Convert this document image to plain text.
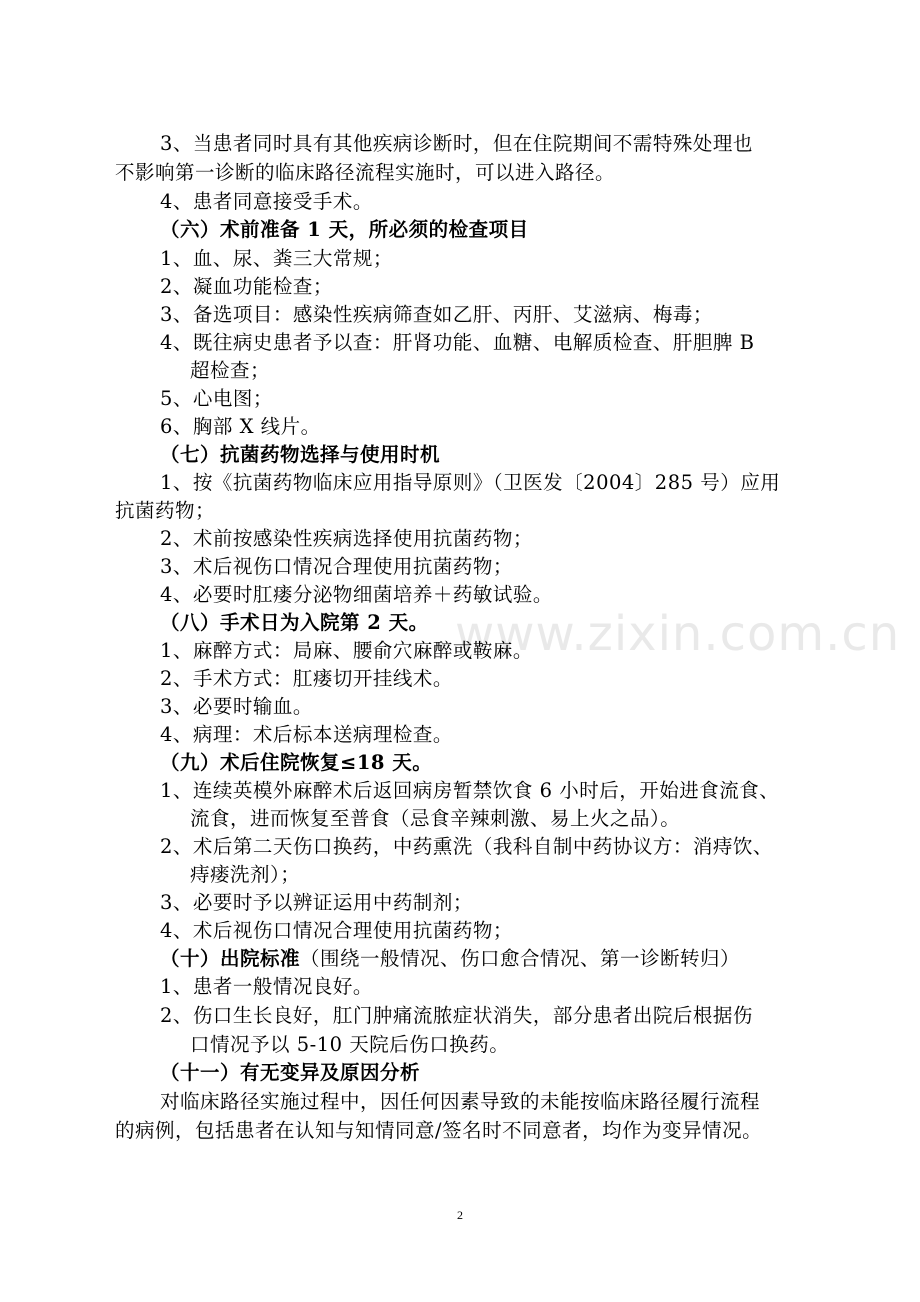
www.zixin.com.cn
3、当患者同时具有其他疾病诊断时，但在住院期间不需特殊处理也
不影响第一诊断的临床路径流程实施时，可以进入路径。
4、患者同意接受手术。
（六）术前准备 1 天，所必须的检查项目
1、血、尿、粪三大常规；
2、凝血功能检查；
3、备选项目：感染性疾病筛查如乙肝、丙肝、艾滋病、梅毒；
4、既往病史患者予以查：肝肾功能、血糖、电解质检查、肝胆脾 B
超检查；
5、心电图；
6、胸部 X 线片。
（七）抗菌药物选择与使用时机
1、按《抗菌药物临床应用指导原则》（卫医发〔2004〕285 号）应用
抗菌药物；
2、术前按感染性疾病选择使用抗菌药物；
3、术后视伤口情况合理使用抗菌药物；
4、必要时肛瘘分泌物细菌培养＋药敏试验。
（八）手术日为入院第 2 天。
1、麻醉方式：局麻、腰俞穴麻醉或鞍麻。
2、手术方式：肛瘘切开挂线术。
3、必要时输血。
4、病理：术后标本送病理检查。
（九）术后住院恢复≤18 天。
1、连续英模外麻醉术后返回病房暂禁饮食 6 小时后，开始进食流食、
流食，进而恢复至普食（忌食辛辣刺激、易上火之品）。
2、术后第二天伤口换药，中药熏洗（我科自制中药协议方：消痔饮、
痔瘘洗剂）；
3、必要时予以辨证运用中药制剂；
4、术后视伤口情况合理使用抗菌药物；
（十）出院标准（围绕一般情况、伤口愈合情况、第一诊断转归）
1、患者一般情况良好。
2、伤口生长良好，肛门肿痛流脓症状消失，部分患者出院后根据伤
口情况予以 5-10 天院后伤口换药。
（十一）有无变异及原因分析
对临床路径实施过程中，因任何因素导致的未能按临床路径履行流程
的病例，包括患者在认知与知情同意/签名时不同意者，均作为变异情况。
2
